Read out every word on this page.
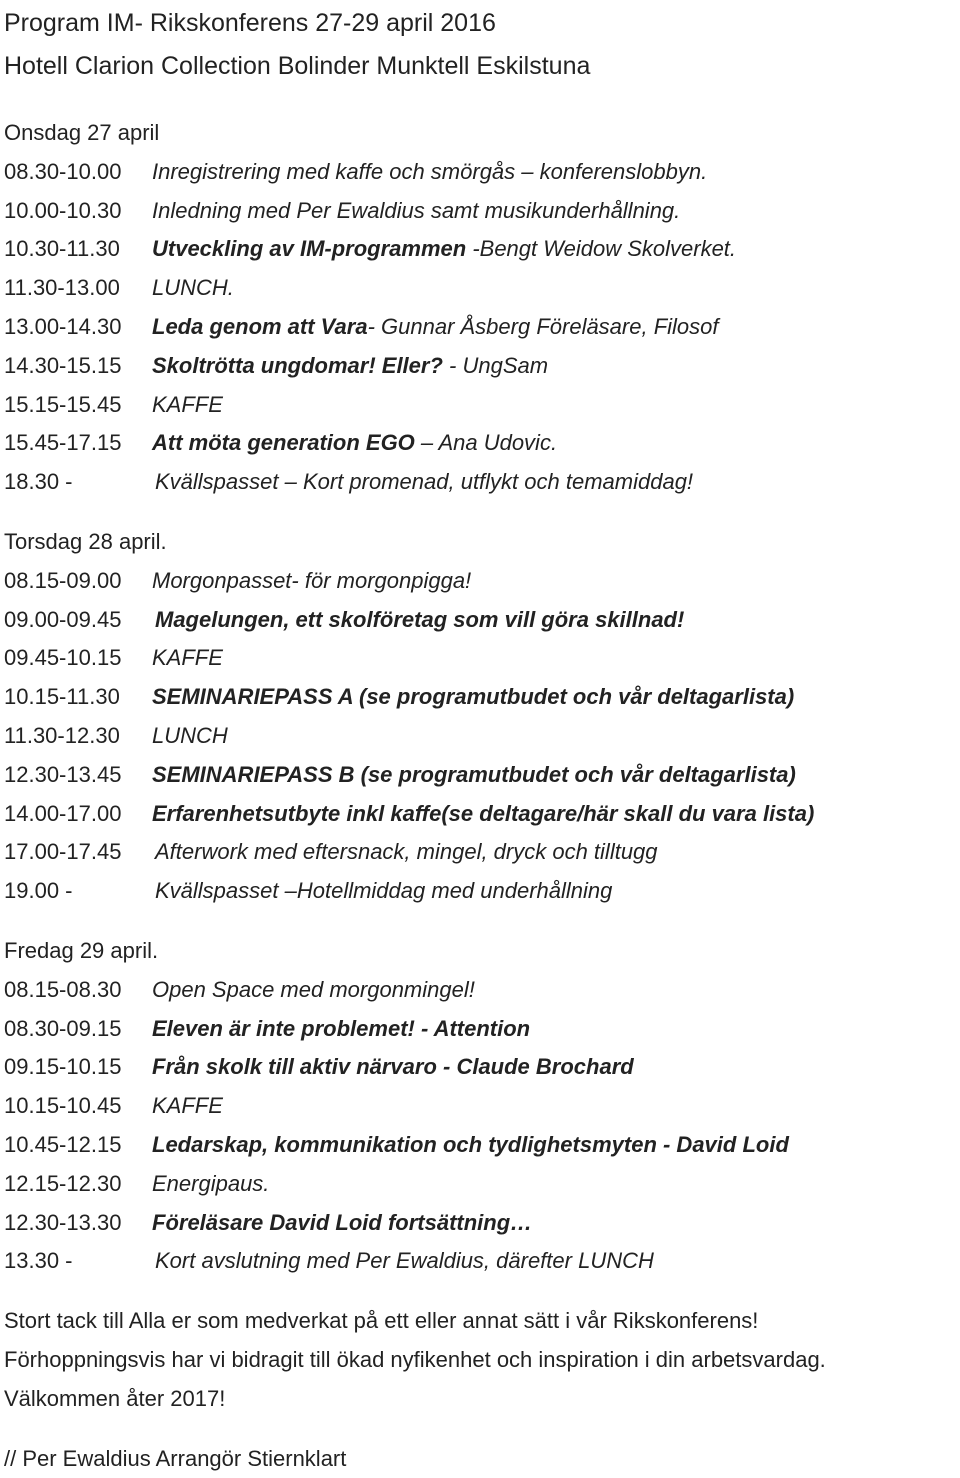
Program IM- Rikskonferens 27-29 april 2016
Hotell Clarion Collection Bolinder Munktell Eskilstuna
Onsdag 27 april
08.30-10.00 Inregistrering med kaffe och smörgås – konferenslobbyn.
10.00-10.30 Inledning med Per Ewaldius samt musikunderhållning.
10.30-11.30 Utveckling av IM-programmen -Bengt Weidow Skolverket.
11.30-13.00 LUNCH.
13.00-14.30 Leda genom att Vara- Gunnar Åsberg Föreläsare, Filosof
14.30-15.15 Skoltrötta ungdomar! Eller? - UngSam
15.15-15.45 KAFFE
15.45-17.15 Att möta generation EGO – Ana Udovic.
18.30 -	Kvällspasset – Kort promenad, utflykt och temamiddag!
Torsdag 28 april.
08.15-09.00 Morgonpasset- för morgonpigga!
09.00-09.45 Magelungen, ett skolföretag som vill göra skillnad!
09.45-10.15 KAFFE
10.15-11.30 SEMINARIEPASS A (se programutbudet och vår deltagarlista)
11.30-12.30 LUNCH
12.30-13.45 SEMINARIEPASS B (se programutbudet och vår deltagarlista)
14.00-17.00 Erfarenhetsutbyte inkl kaffe(se deltagare/här skall du vara lista)
17.00-17.45 Afterwork med eftersnack, mingel, dryck och tilltugg
19.00 -	Kvällspasset –Hotellmiddag med underhållning
Fredag 29 april.
08.15-08.30 Open Space med morgonmingel!
08.30-09.15 Eleven är inte problemet! - Attention
09.15-10.15 Från skolk till aktiv närvaro - Claude Brochard
10.15-10.45 KAFFE
10.45-12.15 Ledarskap, kommunikation och tydlighetsmyten - David Loid
12.15-12.30 Energipaus.
12.30-13.30 Föreläsare David Loid fortsättning…
13.30 -	Kort avslutning med Per Ewaldius, därefter LUNCH
Stort tack till Alla er som medverkat på ett eller annat sätt i vår Rikskonferens!
Förhoppningsvis har vi bidragit till ökad nyfikenhet och inspiration i din arbetsvardag.
Välkommen åter 2017!
// Per Ewaldius Arrangör Stiernklart
